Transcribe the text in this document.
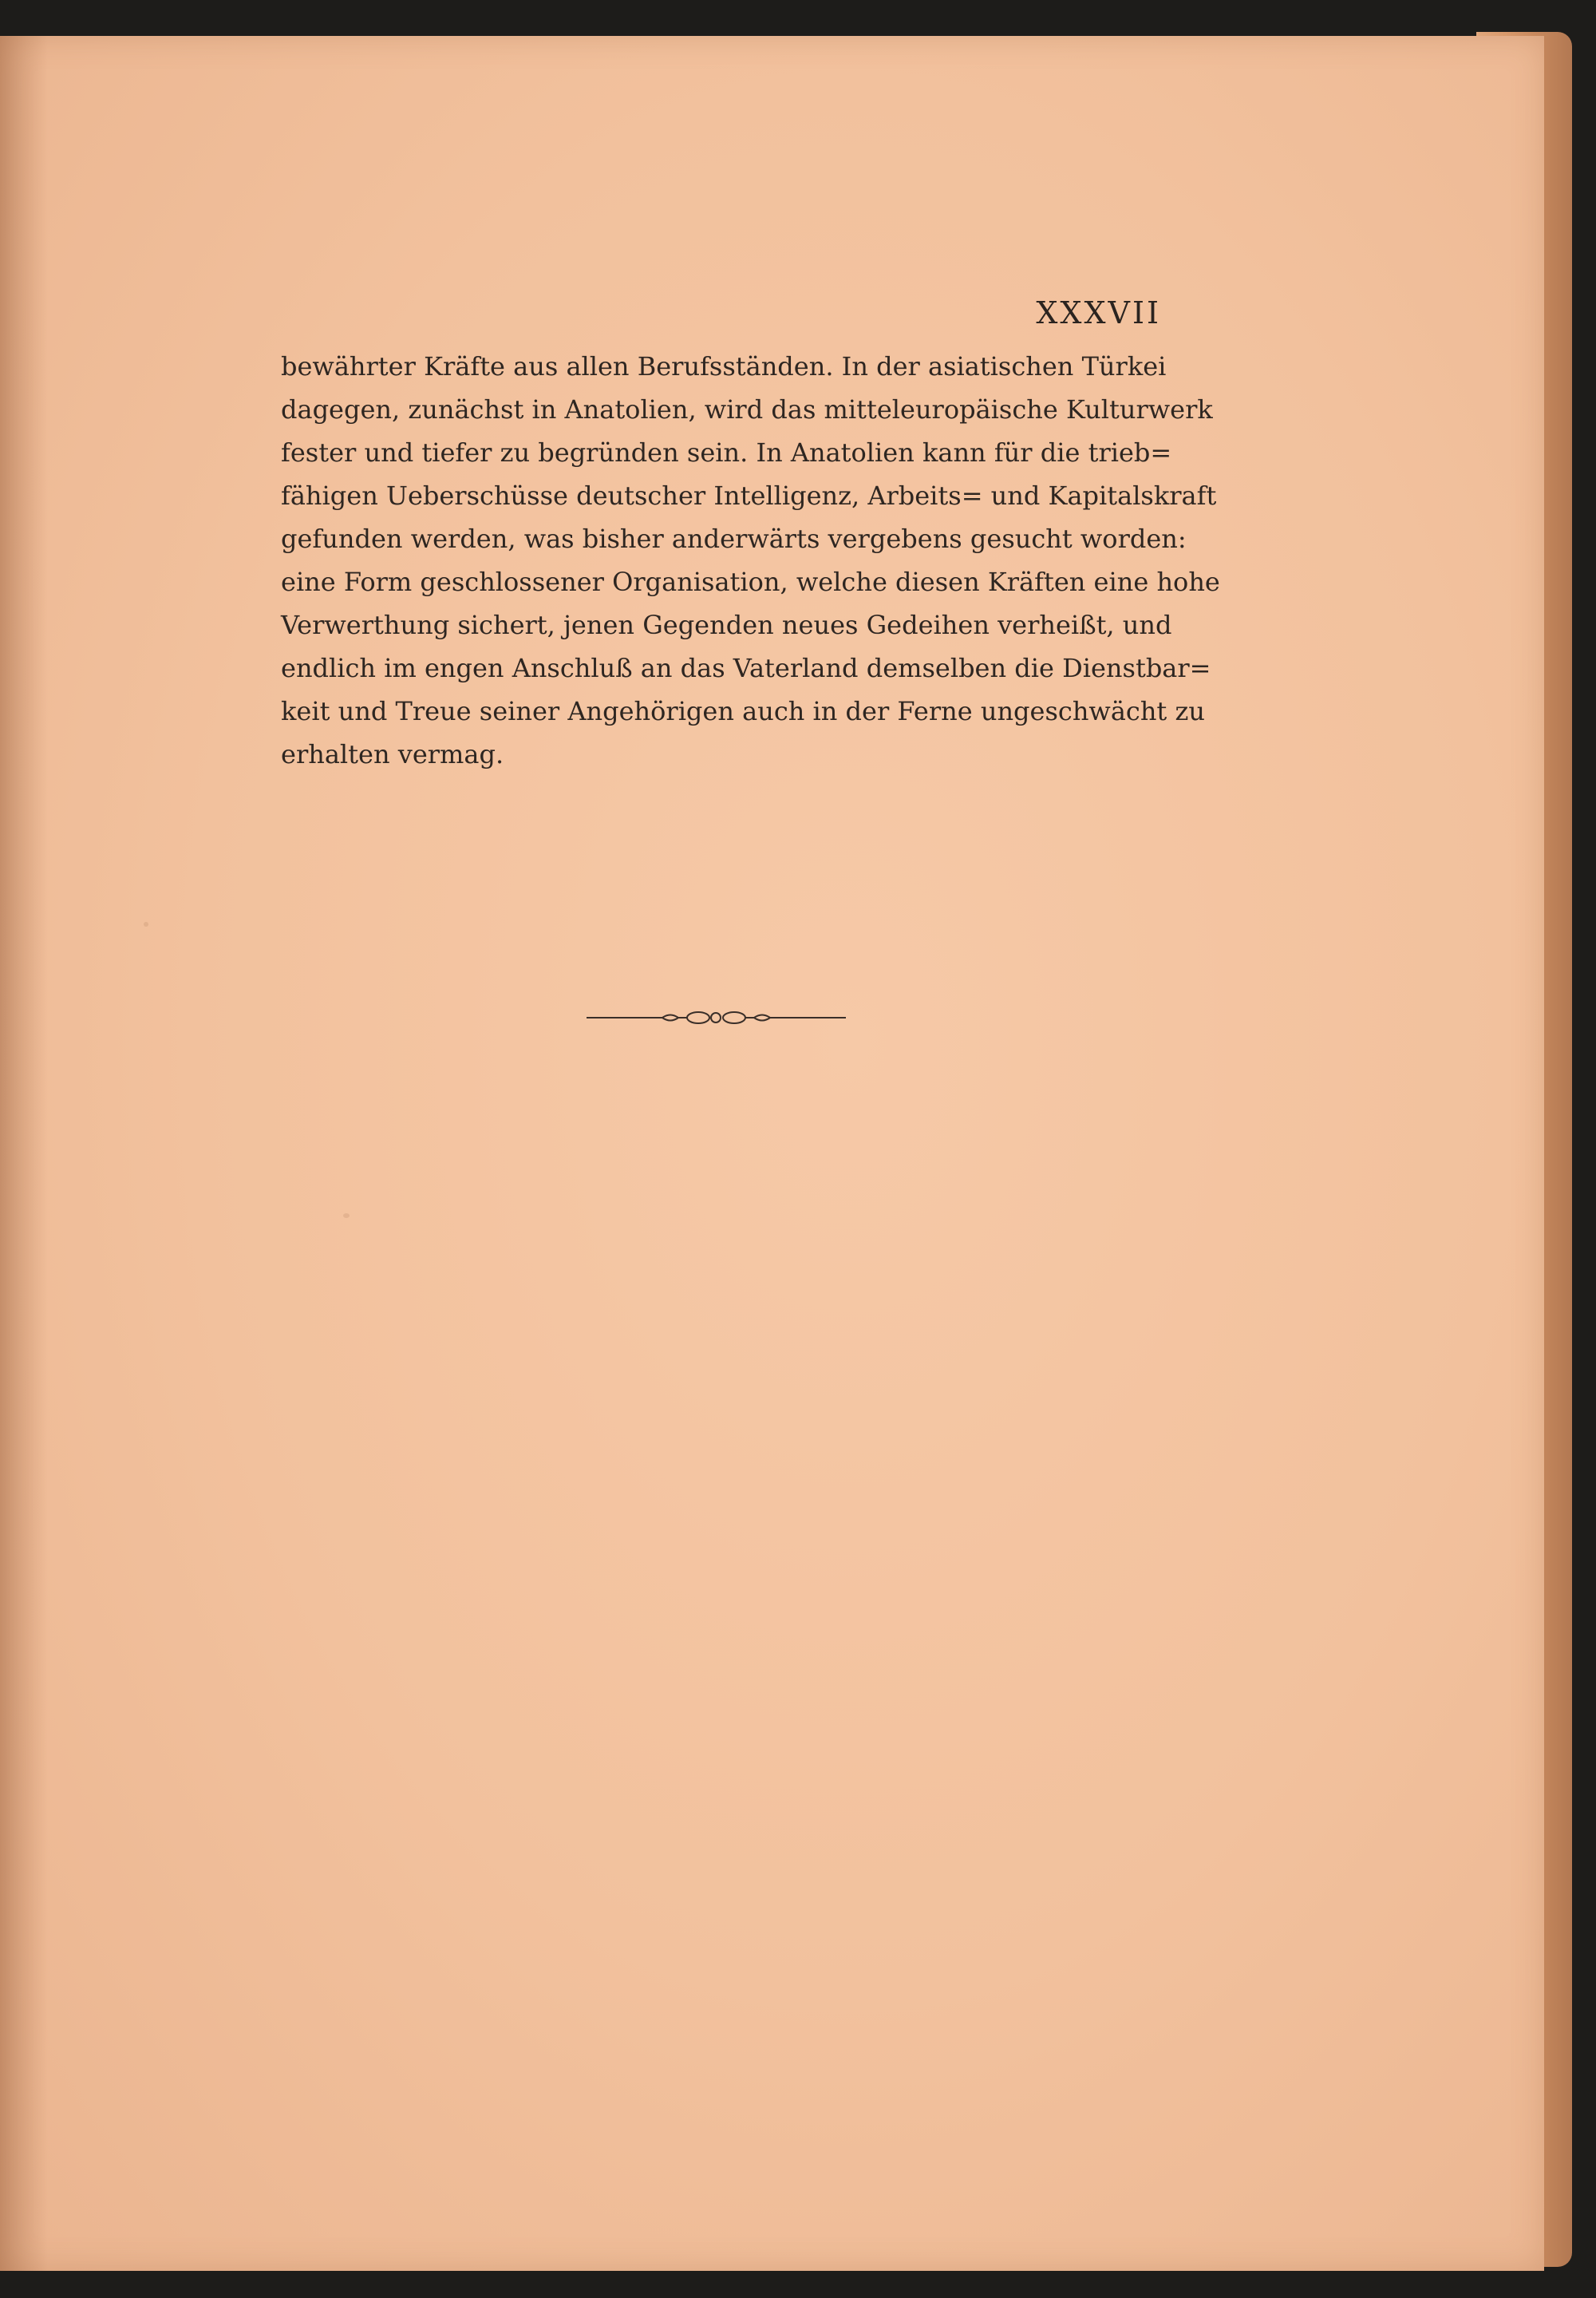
XXXVII
bewährter Kräfte aus allen Berufsständen. In der asiatischen Türkei
dagegen, zunächst in Anatolien, wird das mitteleuropäische Kulturwerk
fester und tiefer zu begründen sein. In Anatolien kann für die trieb=
fähigen Ueberschüsse deutscher Intelligenz, Arbeits= und Kapitalskraft
gefunden werden, was bisher anderwärts vergebens gesucht worden:
eine Form geschlossener Organisation, welche diesen Kräften eine hohe
Verwerthung sichert, jenen Gegenden neues Gedeihen verheißt, und
endlich im engen Anschluß an das Vaterland demselben die Dienstbar=
keit und Treue seiner Angehörigen auch in der Ferne ungeschwächt zu
erhalten vermag.
